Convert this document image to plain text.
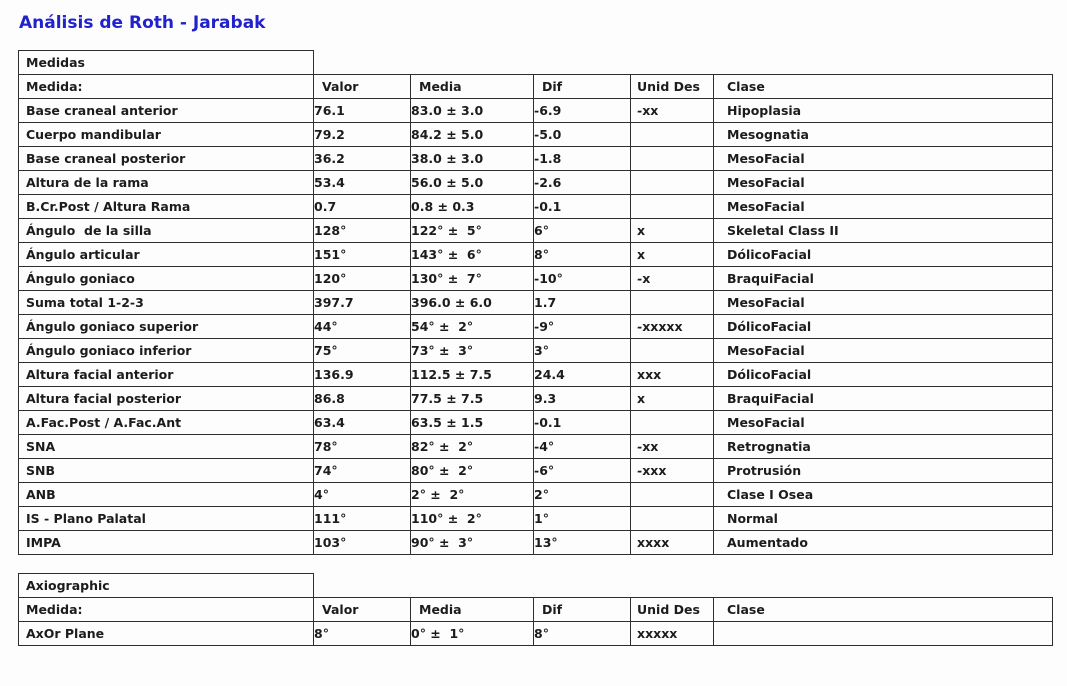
Análisis de Roth - Jarabak
Medidas					
Medida:	Valor	Media	Dif	Unid Des	Clase
Base craneal anterior	76.1	83.0 ± 3.0	-6.9	-xx	Hipoplasia
Cuerpo mandibular	79.2	84.2 ± 5.0	-5.0		Mesognatia
Base craneal posterior	36.2	38.0 ± 3.0	-1.8		MesoFacial
Altura de la rama	53.4	56.0 ± 5.0	-2.6		MesoFacial
B.Cr.Post / Altura Rama	0.7	0.8 ± 0.3	-0.1		MesoFacial
Ángulo  de la silla	128°	122° ±  5°	6°	x	Skeletal Class II
Ángulo articular	151°	143° ±  6°	8°	x	DólicoFacial
Ángulo goniaco	120°	130° ±  7°	-10°	-x	BraquiFacial
Suma total 1-2-3	397.7	396.0 ± 6.0	1.7		MesoFacial
Ángulo goniaco superior	44°	54° ±  2°	-9°	-xxxxx	DólicoFacial
Ángulo goniaco inferior	75°	73° ±  3°	3°		MesoFacial
Altura facial anterior	136.9	112.5 ± 7.5	24.4	xxx	DólicoFacial
Altura facial posterior	86.8	77.5 ± 7.5	9.3	x	BraquiFacial
A.Fac.Post / A.Fac.Ant	63.4	63.5 ± 1.5	-0.1		MesoFacial
SNA	78°	82° ±  2°	-4°	-xx	Retrognatia
SNB	74°	80° ±  2°	-6°	-xxx	Protrusión
ANB	4°	2° ±  2°	2°		Clase I Osea
IS - Plano Palatal	111°	110° ±  2°	1°		Normal
IMPA	103°	90° ±  3°	13°	xxxx	Aumentado
Axiographic					
Medida:	Valor	Media	Dif	Unid Des	Clase
AxOr Plane	8°	0° ±  1°	8°	xxxxx	
